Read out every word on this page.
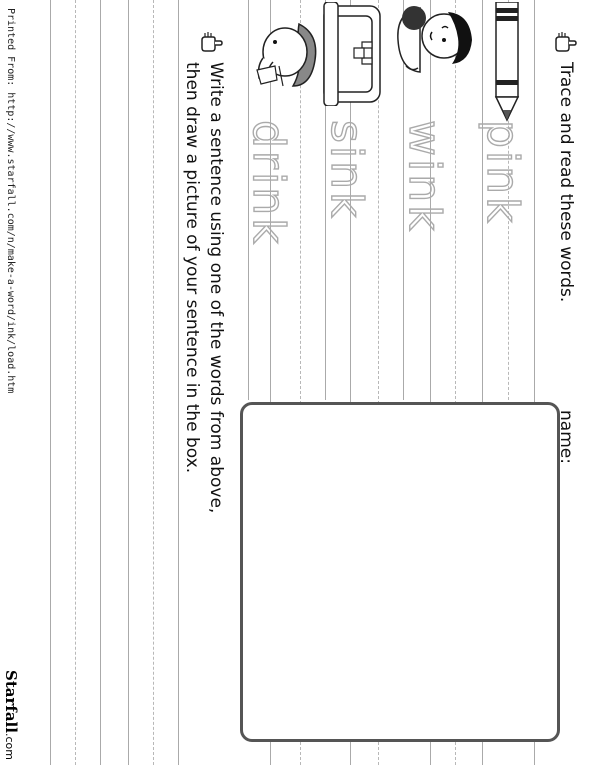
Printed From: http://www.starfall.com/n/make-a-word/ink/load.htm
Starfall.com
Trace and read these words.
name:
pink
wink
sink
drink
Write a sentence using one of the words from above,
then draw a picture of your sentence in the box.
